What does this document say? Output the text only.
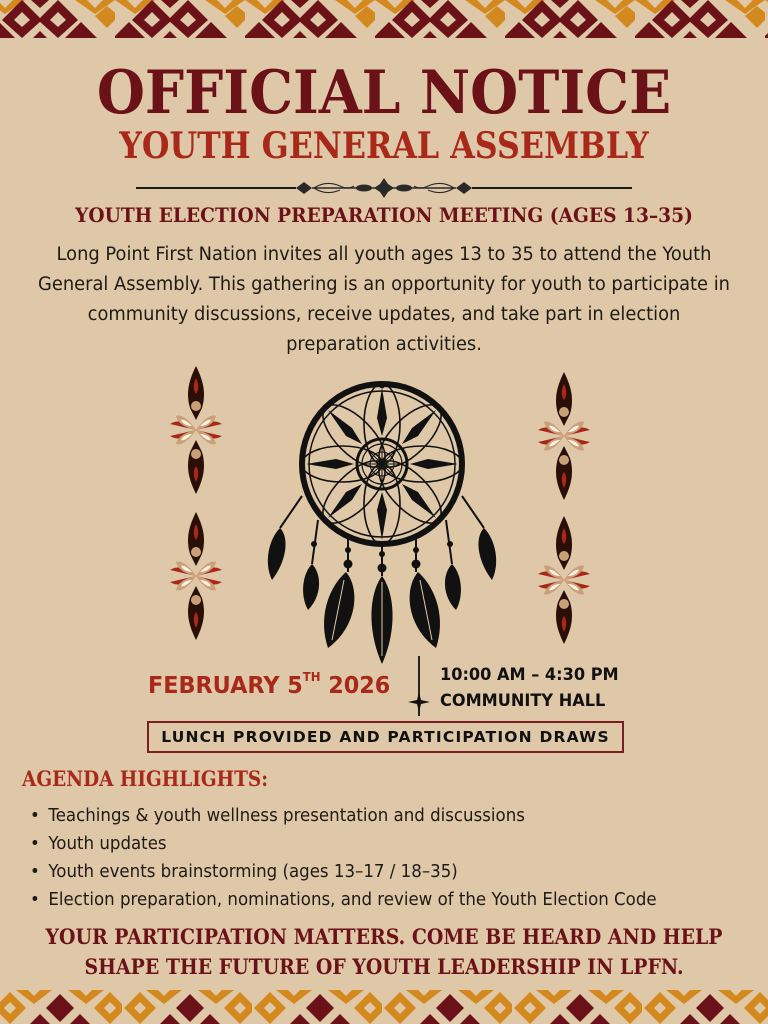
OFFICIAL NOTICE
YOUTH GENERAL ASSEMBLY
YOUTH ELECTION PREPARATION MEETING (AGES 13–35)
Long Point First Nation invites all youth ages 13 to 35 to attend the Youth General Assembly. This gathering is an opportunity for youth to participate in community discussions, receive updates, and take part in election preparation activities.
FEBRUARY 5TH 2026	10:00 AM – 4:30 PM
COMMUNITY HALL
LUNCH PROVIDED AND PARTICIPATION DRAWS
AGENDA HIGHLIGHTS:
• Teachings & youth wellness presentation and discussions
• Youth updates
• Youth events brainstorming (ages 13–17 / 18–35)
• Election preparation, nominations, and review of the Youth Election Code
YOUR PARTICIPATION MATTERS. COME BE HEARD AND HELP
SHAPE THE FUTURE OF YOUTH LEADERSHIP IN LPFN.
